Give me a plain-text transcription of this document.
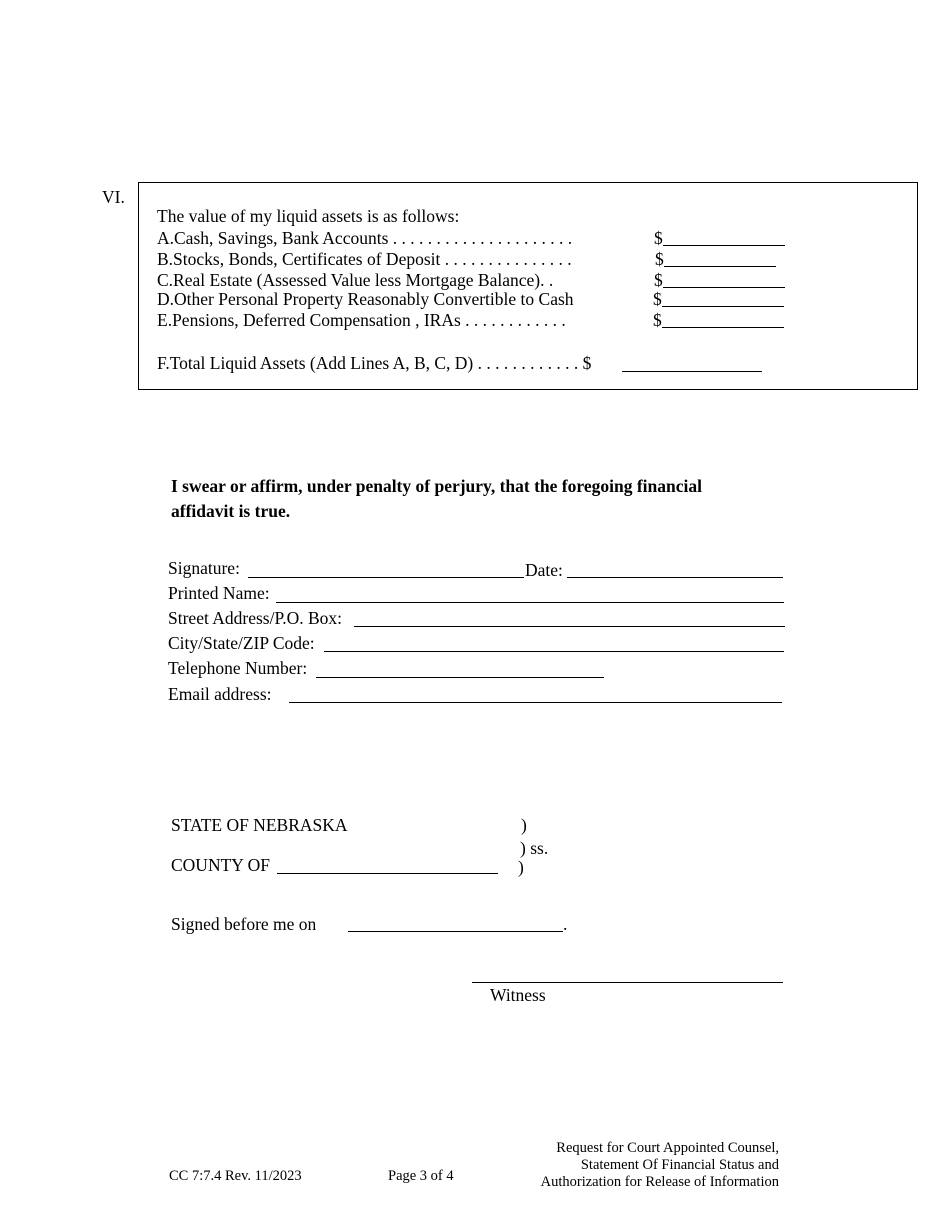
VI.
The value of my liquid assets is as follows:
A.Cash, Savings, Bank Accounts . . . . . . . . . . . . . . . . . . . . .	$
B.Stocks, Bonds, Certificates of Deposit . . . . . . . . . . . . . . .	$
C.Real Estate (Assessed Value less Mortgage Balance). .	$
D.Other Personal Property Reasonably Convertible to Cash	$
E.Pensions, Deferred Compensation , IRAs . . . . . . . . . . . .	$
F.Total Liquid Assets (Add Lines A, B, C, D) . . . . . . . . . . . . $
I swear or affirm, under penalty of perjury, that the foregoing financial
affidavit is true.
Signature:	Date:
Printed Name:
Street Address/P.O. Box:
City/State/ZIP Code:
Telephone Number:
Email address:
STATE OF NEBRASKA	)
) ss.
COUNTY OF	)
Signed before me on	.
Witness
CC 7:7.4 Rev. 11/2023	Page 3 of 4
Request for Court Appointed Counsel,
Statement Of Financial Status and
Authorization for Release of Information
